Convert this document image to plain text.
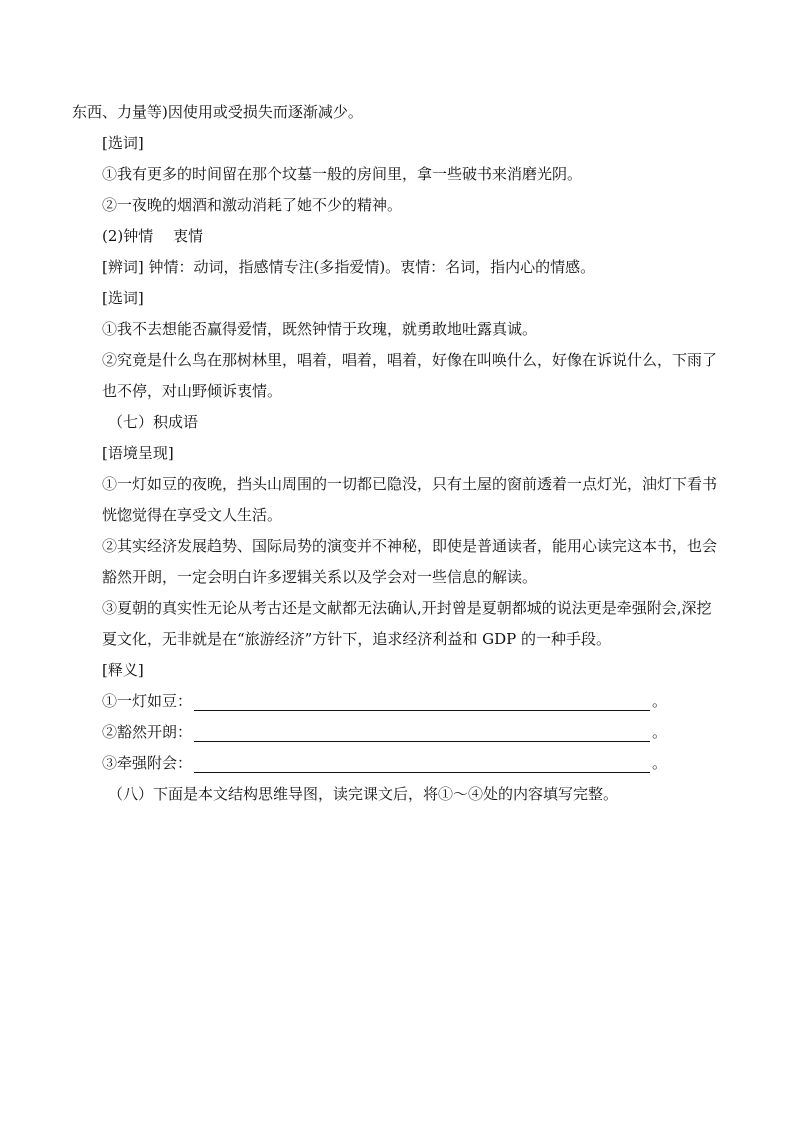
东西、力量等)因使用或受损失而逐渐减少。

[选词]

①我有更多的时间留在那个坟墓一般的房间里，拿一些破书来消磨光阴。

②一夜晚的烟酒和激动消耗了她不少的精神。

(2)钟情　 衷情

[辨词] 钟情：动词，指感情专注(多指爱情)。衷情：名词，指内心的情感。

[选词]

①我不去想能否赢得爱情，既然钟情于玫瑰，就勇敢地吐露真诚。

②究竟是什么鸟在那树林里，唱着，唱着，唱着，好像在叫唤什么，好像在诉说什么，下雨了也不停，对山野倾诉衷情。

（七）积成语

[语境呈现]

①一灯如豆的夜晚，挡头山周围的一切都已隐没，只有土屋的窗前透着一点灯光，油灯下看书恍惚觉得在享受文人生活。

②其实经济发展趋势、国际局势的演变并不神秘，即使是普通读者，能用心读完这本书，也会豁然开朗，一定会明白许多逻辑关系以及学会对一些信息的解读。

③夏朝的真实性无论从考古还是文献都无法确认,开封曾是夏朝都城的说法更是牵强附会,深挖夏文化，无非就是在“旅游经济”方针下，追求经济利益和 GDP 的一种手段。

[释义]

①一灯如豆：	。
②豁然开朗：	。
③牵强附会：	。

（八）下面是本文结构思维导图，读完课文后，将①～④处的内容填写完整。
